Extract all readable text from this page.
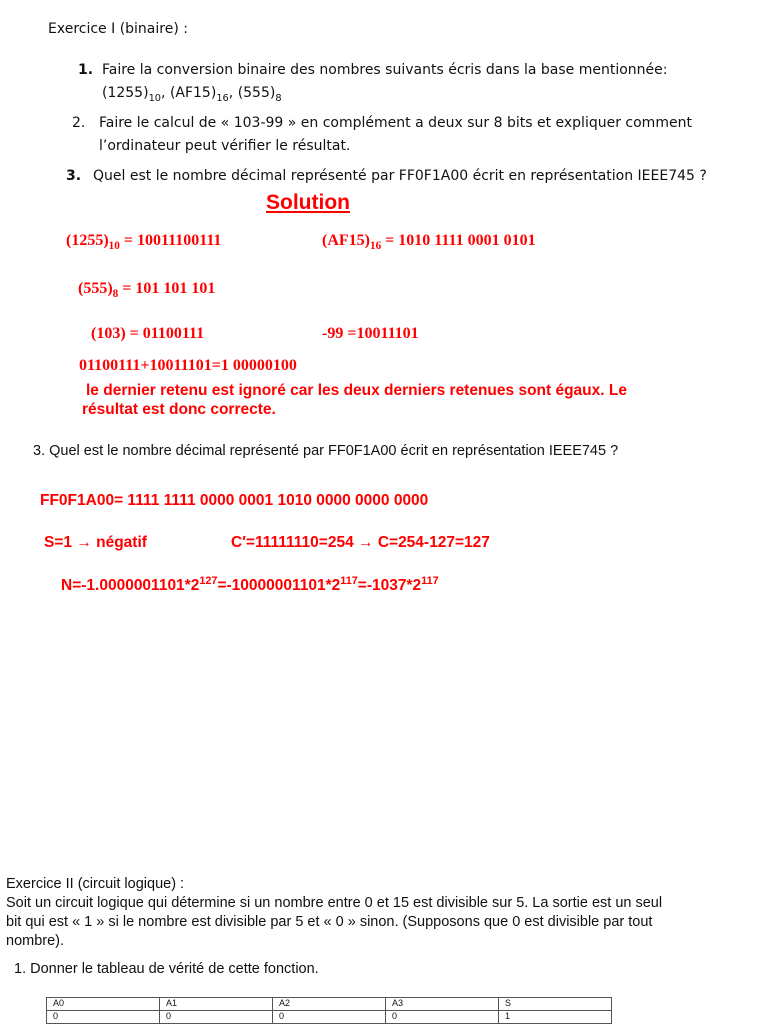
Exercice I (binaire) :
1. Faire la conversion binaire des nombres suivants écris dans la base mentionnée:
$(1255)_{10}$, $(AF15)_{16}$, $(555)_8$
2. Faire le calcul de « 103-99 » en complément a deux sur 8 bits et expliquer comment
l’ordinateur peut vérifier le résultat.
3. Quel est le nombre décimal représenté par FF0F1A00 écrit en représentation IEEE745 ?
Solution
$(1255)_{10} = 10011100111$	$(AF15)_{16} = 1010$ 1111 0001 0101
$(555)_8 = 101$ 101 101
(103) = 01100111	-99 =10011101
01100111+10011101=1 00000100
le dernier retenu est ignoré car les deux derniers retenues sont égaux. Le
résultat est donc correcte.
3. Quel est le nombre décimal représenté par FF0F1A00 écrit en représentation IEEE745 ?
FF0F1A00= 1111 1111 0000 0001 1010 0000 0000 0000
S=1 → négatif	C′=11111110=254 → C=254-127=127
$N=-1.0000001101*2^{127}=-10000001101*2^{117}=-1037*2^{117}$
Exercice II (circuit logique) :
Soit un circuit logique qui détermine si un nombre entre 0 et 15 est divisible sur 5. La sortie est un seul
bit qui est « 1 » si le nombre est divisible par 5 et « 0 » sinon. (Supposons que 0 est divisible par tout
nombre).
1. Donner le tableau de vérité de cette fonction.
A0	A1	A2	A3	S
0	0	0	0	1
